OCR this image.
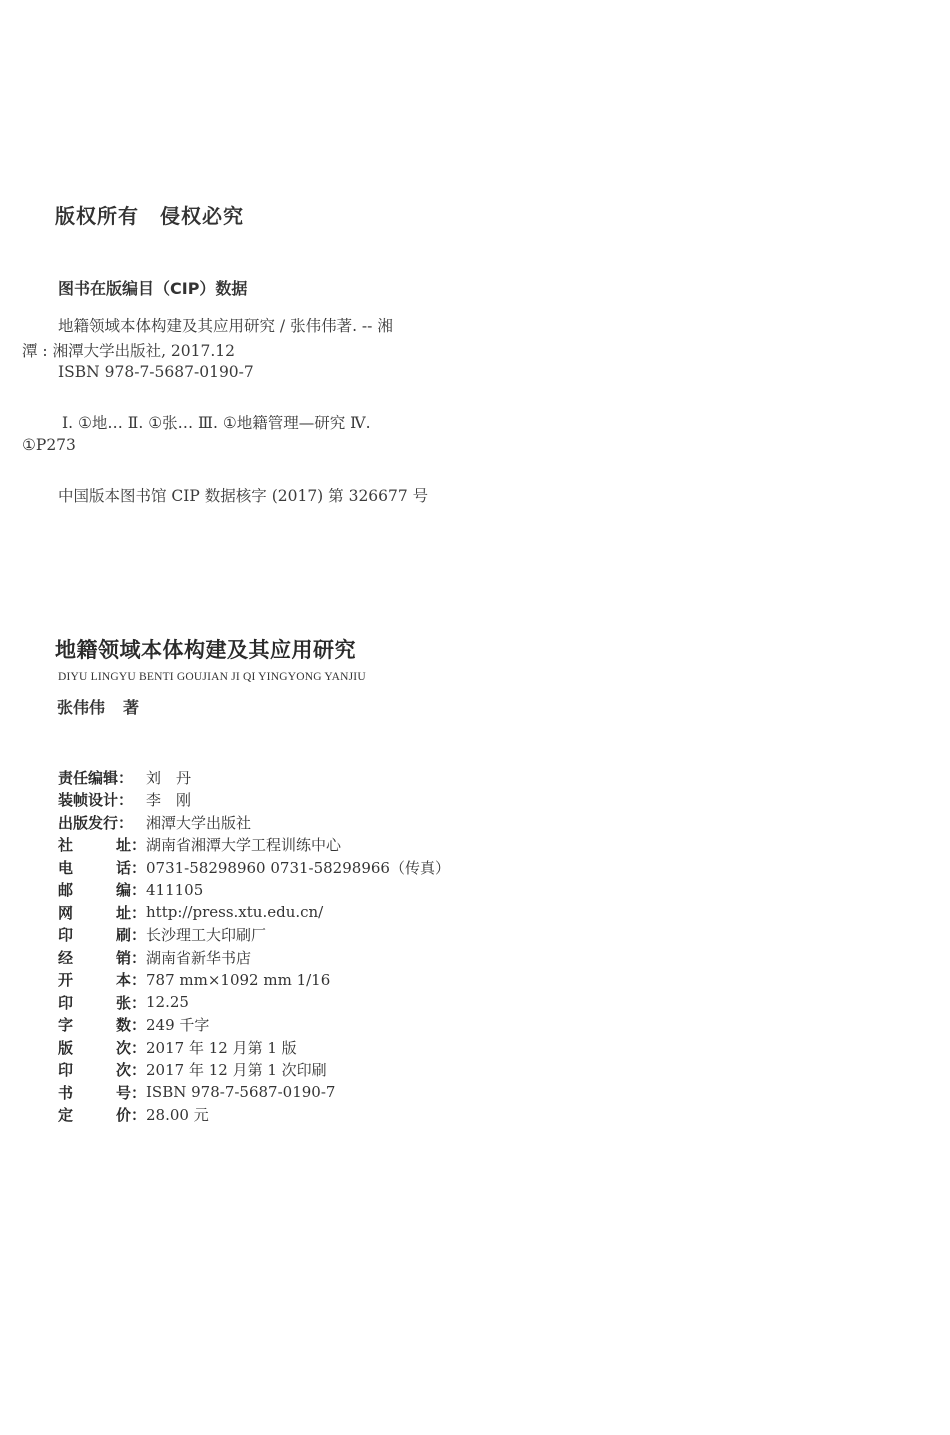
版权所有　侵权必究
图书在版编目（CIP）数据
地籍领域本体构建及其应用研究 / 张伟伟著. -- 湘
潭 : 湘潭大学出版社, 2017.12
ISBN 978-7-5687-0190-7
Ⅰ. ①地… Ⅱ. ①张… Ⅲ. ①地籍管理—研究 Ⅳ.
①P273
中国版本图书馆 CIP 数据核字 (2017) 第 326677 号
地籍领域本体构建及其应用研究
DIYU LINGYU BENTI GOUJIAN JI QI YINGYONG YANJIU
张伟伟 著
责任编辑 ： 刘　丹
装帧设计 ： 李　刚
出版发行 ： 湘潭大学出版社
社	址： 湖南省湘潭大学工程训练中心
电	话： 0731-58298960 0731-58298966（传真）
邮	编： 411105
网	址： http://press.xtu.edu.cn/
印	刷： 长沙理工大印刷厂
经	销： 湖南省新华书店
开	本： 787 mm×1092 mm 1/16
印	张： 12.25
字	数： 249 千字
版	次： 2017 年 12 月第 1 版
印	次： 2017 年 12 月第 1 次印刷
书	号： ISBN 978-7-5687-0190-7
定	价： 28.00 元
